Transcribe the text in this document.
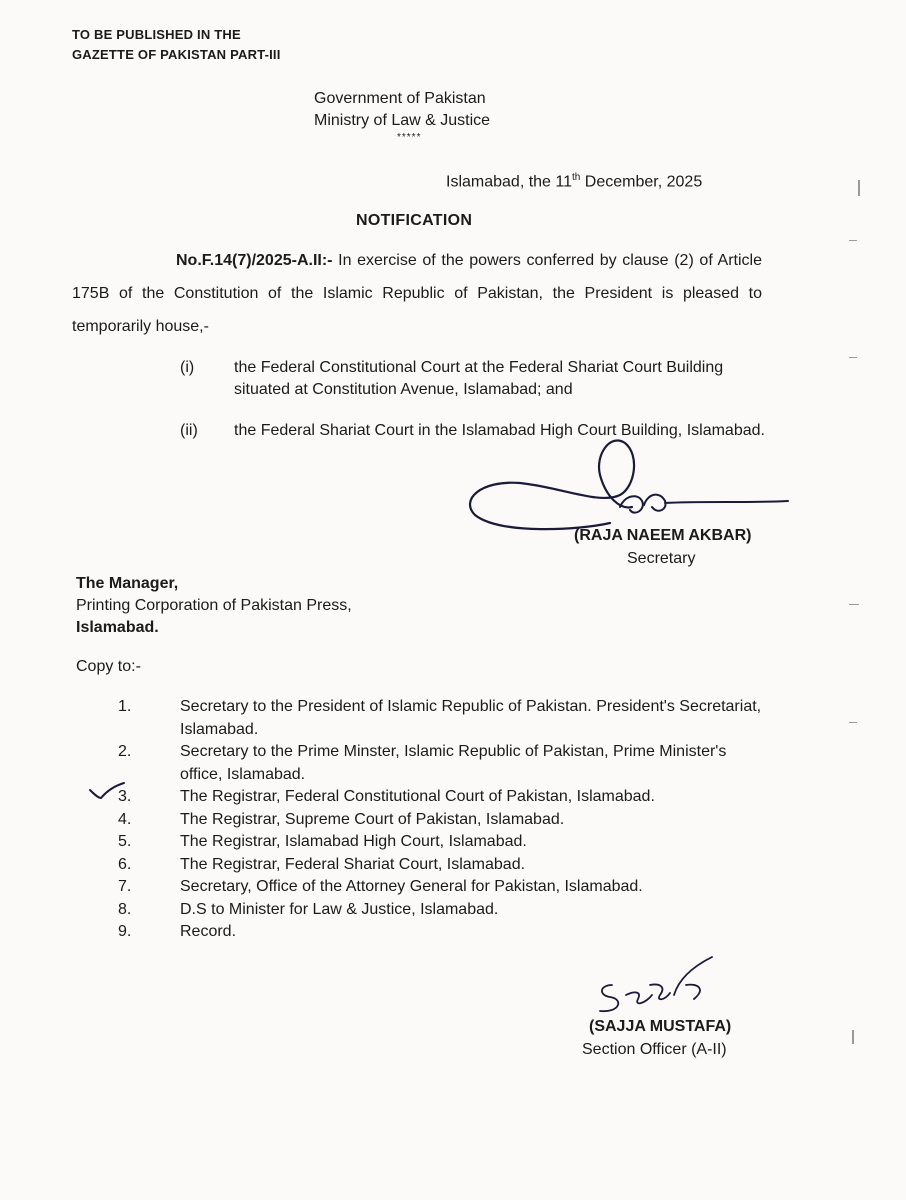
TO BE PUBLISHED IN THE
GAZETTE OF PAKISTAN PART-III
Government of Pakistan
Ministry of Law & Justice
*****
Islamabad, the 11th December, 2025
NOTIFICATION
No.F.14(7)/2025-A.II:- In exercise of the powers conferred by clause (2) of Article 175B of the Constitution of the Islamic Republic of Pakistan, the President is pleased to temporarily house,-
(i)	the Federal Constitutional Court at the Federal Shariat Court Building situated at Constitution Avenue, Islamabad; and
(ii)	the Federal Shariat Court in the Islamabad High Court Building, Islamabad.
(RAJA NAEEM AKBAR)
Secretary
The Manager,
Printing Corporation of Pakistan Press,
Islamabad.
Copy to:-
1.	Secretary to the President of Islamic Republic of Pakistan. President's Secretariat, Islamabad.
2.	Secretary to the Prime Minster, Islamic Republic of Pakistan, Prime Minister's office, Islamabad.
3.	The Registrar, Federal Constitutional Court of Pakistan, Islamabad.
4.	The Registrar, Supreme Court of Pakistan, Islamabad.
5.	The Registrar, Islamabad High Court, Islamabad.
6.	The Registrar, Federal Shariat Court, Islamabad.
7.	Secretary, Office of the Attorney General for Pakistan, Islamabad.
8.	D.S to Minister for Law & Justice, Islamabad.
9.	Record.
(SAJJA MUSTAFA)
Section Officer (A-II)
